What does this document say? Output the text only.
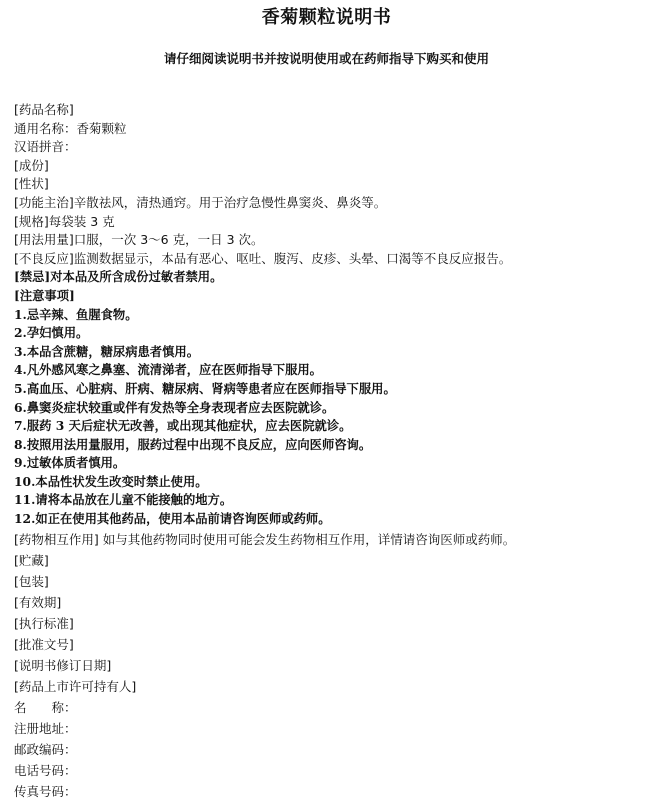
香菊颗粒说明书
请仔细阅读说明书并按说明使用或在药师指导下购买和使用
[药品名称]
通用名称：香菊颗粒
汉语拼音：
[成份]
[性状]
[功能主治]辛散祛风，清热通窍。用于治疗急慢性鼻窦炎、鼻炎等。
[规格]每袋装 3 克
[用法用量]口服，一次 3～6 克，一日 3 次。
[不良反应]监测数据显示，本品有恶心、呕吐、腹泻、皮疹、头晕、口渴等不良反应报告。
[禁忌]对本品及所含成份过敏者禁用。
[注意事项]
1.忌辛辣、鱼腥食物。
2.孕妇慎用。
3.本品含蔗糖，糖尿病患者慎用。
4.凡外感风寒之鼻塞、流清涕者，应在医师指导下服用。
5.高血压、心脏病、肝病、糖尿病、肾病等患者应在医师指导下服用。
6.鼻窦炎症状较重或伴有发热等全身表现者应去医院就诊。
7.服药 3 天后症状无改善，或出现其他症状，应去医院就诊。
8.按照用法用量服用，服药过程中出现不良反应，应向医师咨询。
9.过敏体质者慎用。
10.本品性状发生改变时禁止使用。
11.请将本品放在儿童不能接触的地方。
12.如正在使用其他药品，使用本品前请咨询医师或药师。
[药物相互作用] 如与其他药物同时使用可能会发生药物相互作用，详情请咨询医师或药师。
[贮藏]
[包装]
[有效期]
[执行标准]
[批准文号]
[说明书修订日期]
[药品上市许可持有人]
名　　称：
注册地址：
邮政编码：
电话号码：
传真号码：
